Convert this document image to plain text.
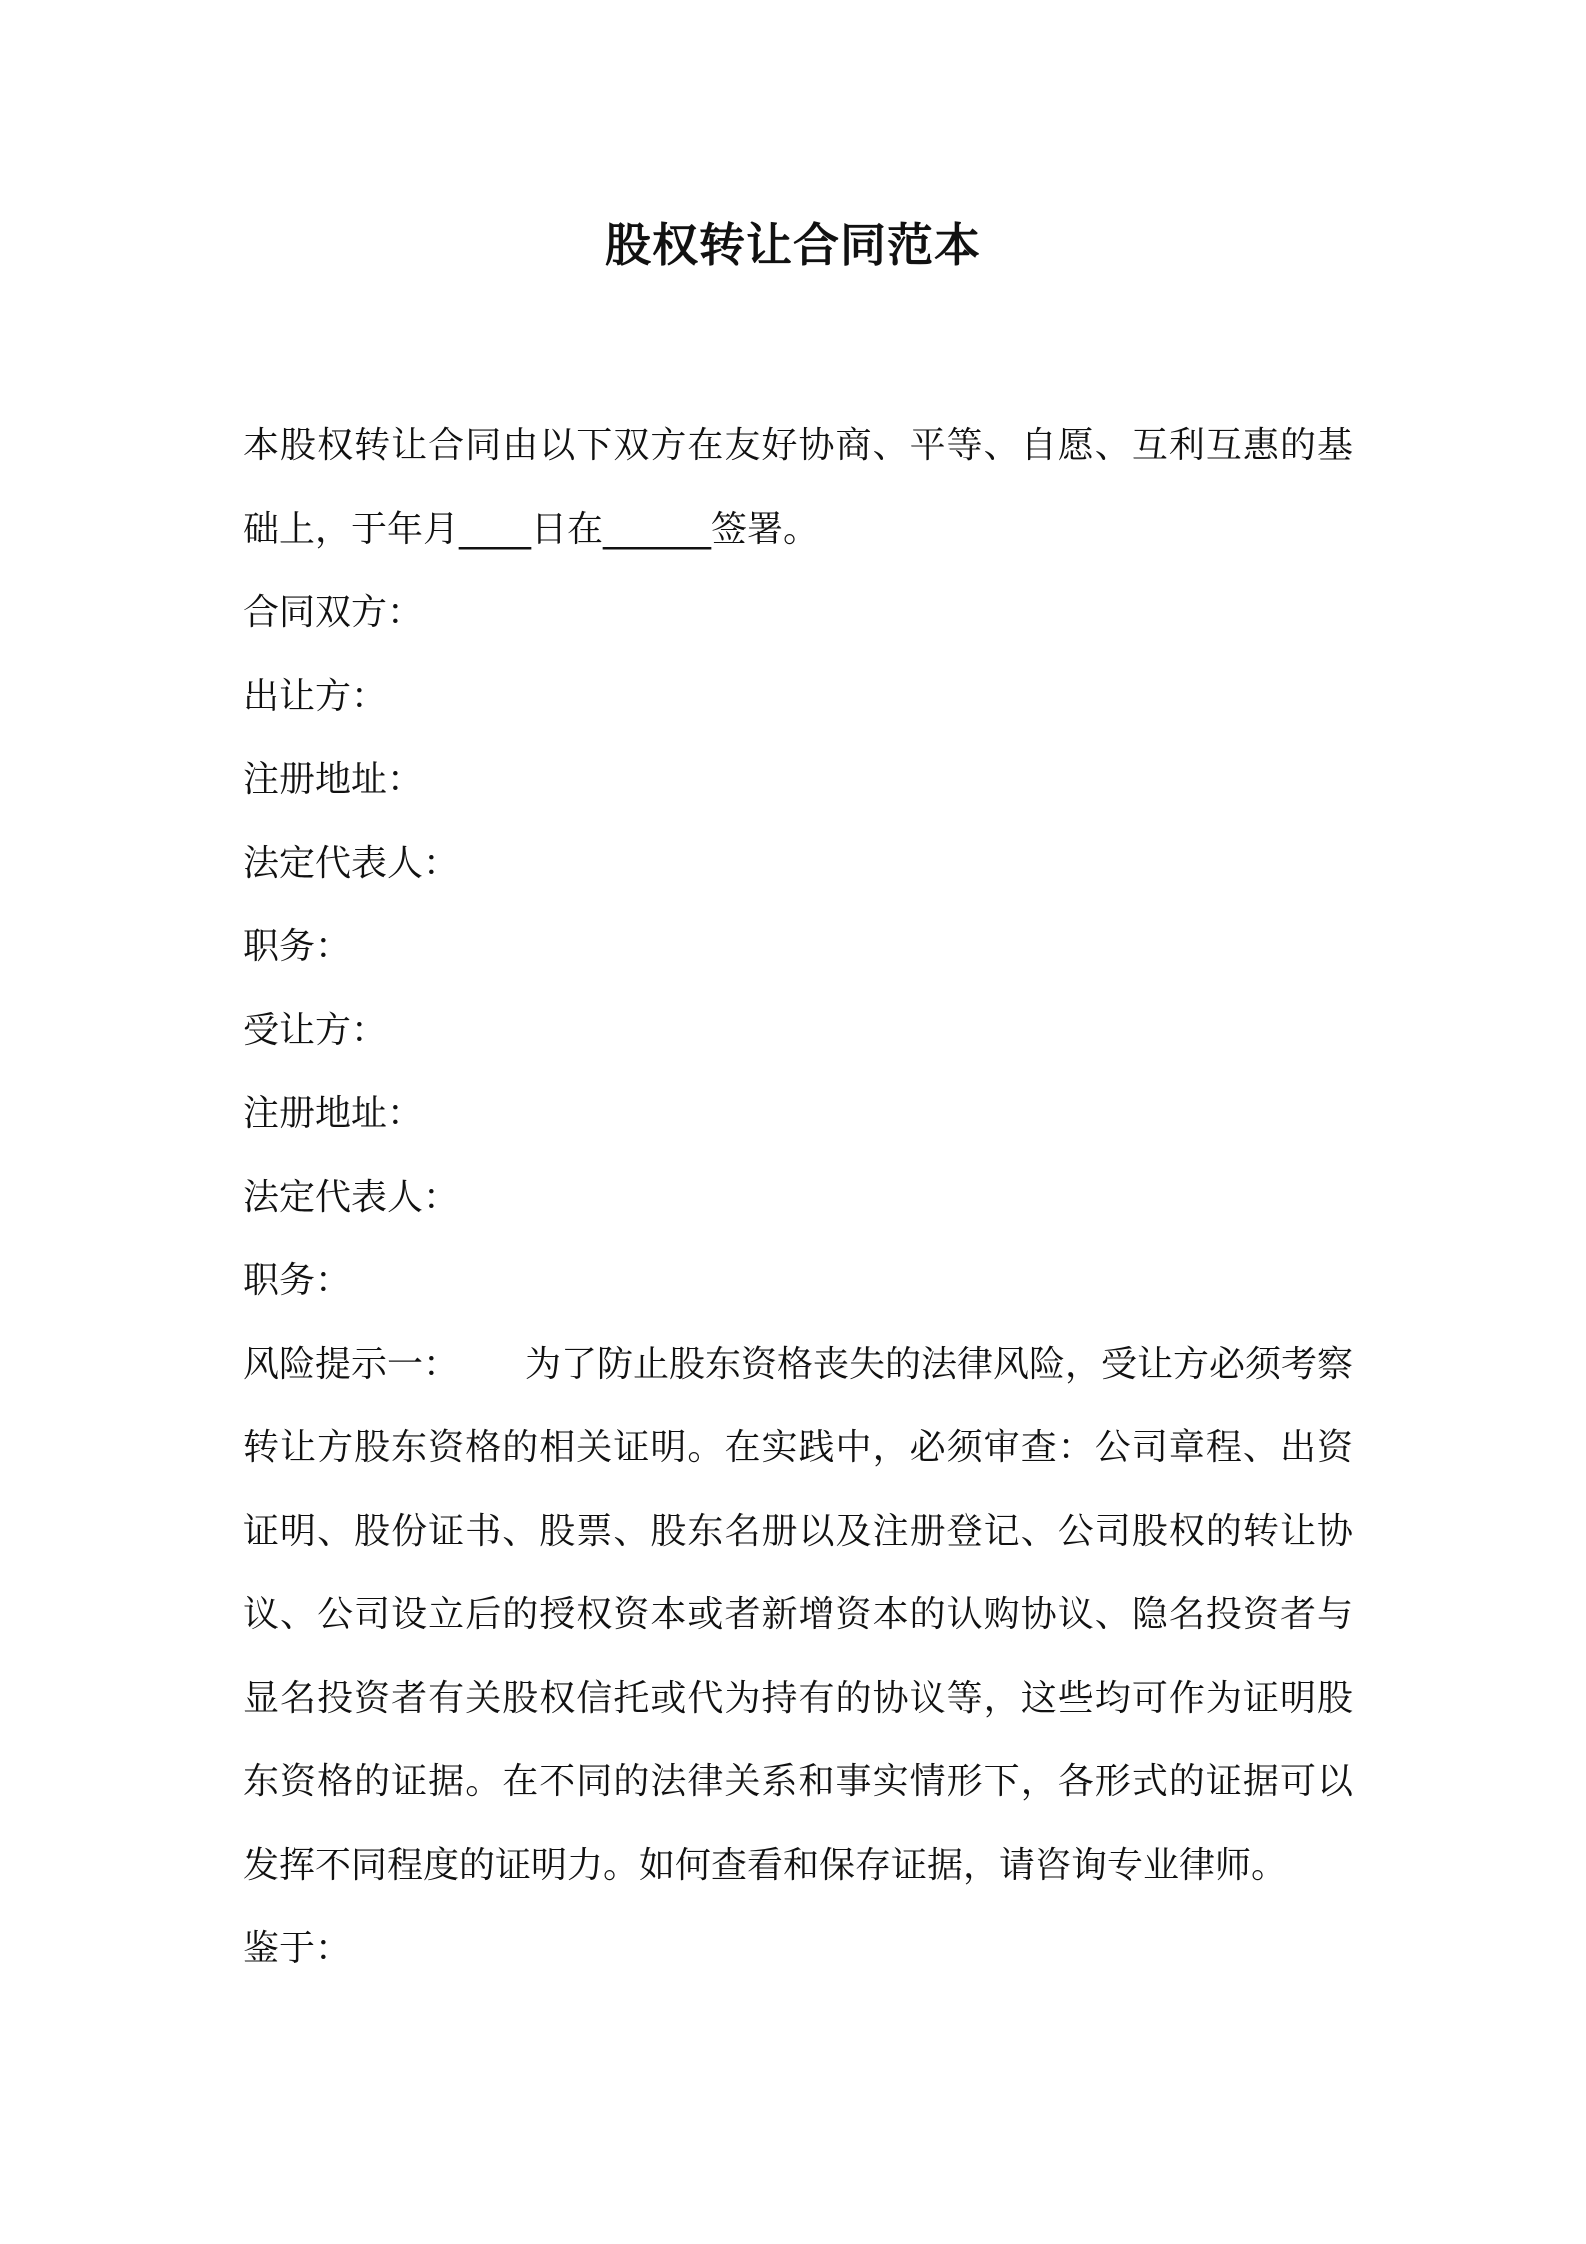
股权转让合同范本

本股权转让合同由以下双方在友好协商、平等、自愿、互利互惠的基础上，于年月____日在______签署。

合同双方：

出让方：

注册地址：

法定代表人：

职务：

受让方：

注册地址：

法定代表人：

职务：

风险提示一： 为了防止股东资格丧失的法律风险，受让方必须考察转让方股东资格的相关证明。在实践中，必须审查：公司章程、出资证明、股份证书、股票、股东名册以及注册登记、公司股权的转让协议、公司设立后的授权资本或者新增资本的认购协议、隐名投资者与显名投资者有关股权信托或代为持有的协议等，这些均可作为证明股东资格的证据。在不同的法律关系和事实情形下，各形式的证据可以发挥不同程度的证明力。如何查看和保存证据，请咨询专业律师。

鉴于：
